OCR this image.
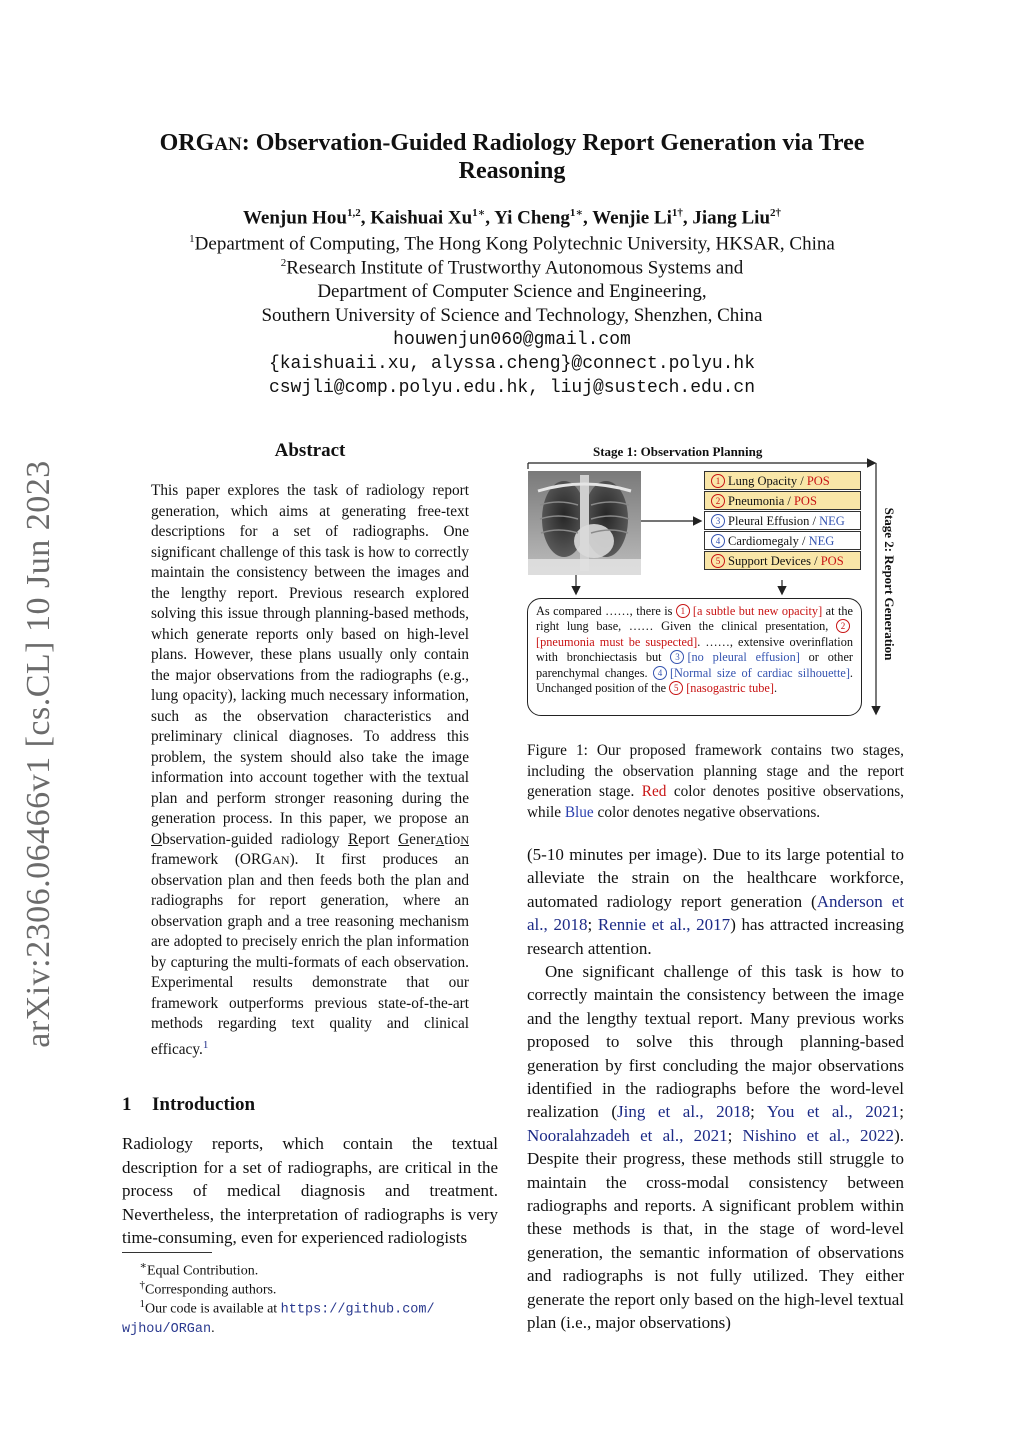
arXiv:2306.06466v1 [cs.CL] 10 Jun 2023
ORGAN: Observation-Guided Radiology Report Generation via Tree
Reasoning
Wenjun Hou$^{1,2}$, Kaishuai $Xu^{1∗}$, Yi Cheng$^{1∗}$, Wenjie $Li^{1\dagger}$, Jiang Liu$^{2\dagger}$
$^1$Department of Computing, The Hong Kong Polytechnic University, HKSAR, China
$^2$Research Institute of Trustworthy Autonomous Systems and
Department of Computer Science and Engineering,
Southern University of Science and Technology, Shenzhen, China
houwenjun060@gmail.com
{kaishuaii.xu, alyssa.cheng}@connect.polyu.hk
cswjli@comp.polyu.edu.hk, liuj@sustech.edu.cn
Abstract
This paper explores the task of radiology report generation, which aims at generating free-text descriptions for a set of radiographs. One significant challenge of this task is how to correctly maintain the consistency between the images and the lengthy report. Previous research explored solving this issue through planning-based methods, which generate reports only based on high-level plans. However, these plans usually only contain the major observations from the radiographs (e.g., lung opacity), lacking much necessary information, such as the observation characteristics and preliminary clinical diagnoses. To address this problem, the system should also take the image information into account together with the textual plan and perform stronger reasoning during the generation process. In this paper, we propose an Observation-guided radiology Report GenerAtioN framework (ORGAN). It first produces an observation plan and then feeds both the plan and radiographs for report generation, where an observation graph and a tree reasoning mechanism are adopted to precisely enrich the plan information by capturing the multi-formats of each observation. Experimental results demonstrate that our framework outperforms previous state-of-the-art methods regarding text quality and clinical efficacy.$^1$
1 Introduction
Radiology reports, which contain the textual description for a set of radiographs, are critical in the process of medical diagnosis and treatment. Nevertheless, the interpretation of radiographs is very time-consuming, even for experienced radiologists
∗Equal Contribution.
†Corresponding authors.
$^1$Our code is available at https://github.com/
wjhou/ORGan.
Stage 1: Observation Planning
1 Lung Opacity / POS
2 Pneumonia / POS
3 Pleural Effusion / NEG
4 Cardiomegaly / NEG
5 Support Devices / POS
As compared ……, there is 1 [a subtle but new opacity] at the right lung base, …… Given the clinical presentation, 2[pneumonia must be suspected]. ……, extensive overinflation with bronchiectasis but 3 [no pleural effusion] or other parenchymal changes. 4 [Normal size of cardiac silhouette]. Unchanged position of the 5 [nasogastric tube].
Stage 2: Report Generation
Figure 1: Our proposed framework contains two stages, including the observation planning stage and the report generation stage. Red color denotes positive observations, while Blue color denotes negative observations.
(5-10 minutes per image). Due to its large potential to alleviate the strain on the healthcare workforce, automated radiology report generation (Anderson et al., 2018; Rennie et al., 2017) has attracted increasing research attention.
One significant challenge of this task is how to correctly maintain the consistency between the image and the lengthy textual report. Many previous works proposed to solve this through planning-based generation by first concluding the major observations identified in the radiographs before the word-level realization (Jing et al., 2018; You et al., 2021; Nooralahzadeh et al., 2021; Nishino et al., 2022). Despite their progress, these methods still struggle to maintain the cross-modal consistency between radiographs and reports. A significant problem within these methods is that, in the stage of word-level generation, the semantic information of observations and radiographs is not fully utilized. They either generate the report only based on the high-level textual plan (i.e., major observations)
